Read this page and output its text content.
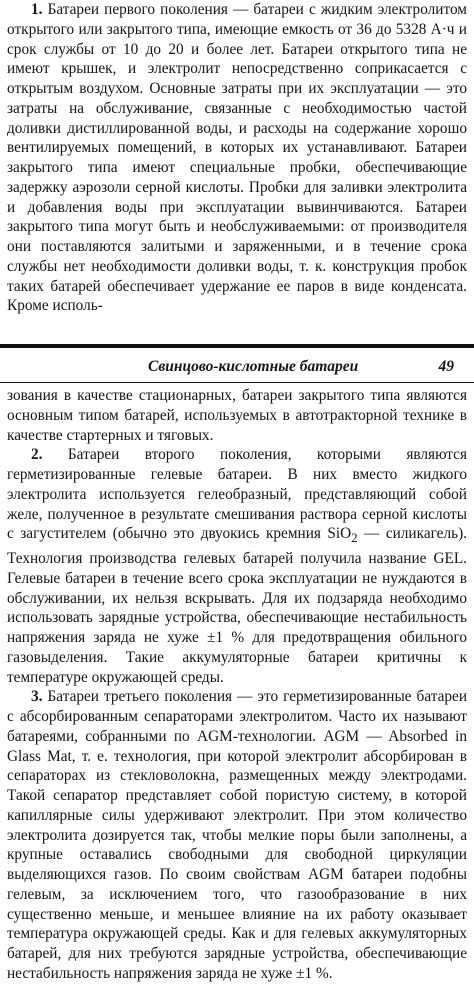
1. Батареи первого поколения — батареи с жидким электролитом открытого или закрытого типа, имеющие емкость от 36 до 5328 А·ч и срок службы от 10 до 20 и более лет. Батареи открытого типа не имеют крышек, и электролит непосредственно соприкасается с открытым воздухом. Основные затраты при их эксплуатации — это затраты на обслуживание, связанные с необходимостью частой доливки дистиллированной воды, и расходы на содержание хорошо вентилируемых помещений, в которых их устанавливают. Батареи закрытого типа имеют специальные пробки, обеспечивающие задержку аэрозоли серной кислоты. Пробки для заливки электролита и добавления воды при эксплуатации вывинчиваются. Батареи закрытого типа могут быть и необслуживаемыми: от производителя они поставляются залитыми и заряженными, и в течение срока службы нет необходимости доливки воды, т. к. конструкция пробок таких батарей обеспечивает удержание ее паров в виде конденсата. Кроме исполь-

Свинцово-кислотные батареи	49

зования в качестве стационарных, батареи закрытого типа являются основным типом батарей, используемых в автотракторной технике в качестве стартерных и тяговых.

2. Батареи второго поколения, которыми являются герметизированные гелевые батареи. В них вместо жидкого электролита используется гелеобразный, представляющий собой желе, полученное в результате смешивания раствора серной кислоты с загустителем (обычно это двуокись кремния SiO$_2$ — силикагель). Технология производства гелевых батарей получила название GEL. Гелевые батареи в течение всего срока эксплуатации не нуждаются в обслуживании, их нельзя вскрывать. Для их подзаряда необходимо использовать зарядные устройства, обеспечивающие нестабильность напряжения заряда не хуже ±1 % для предотвращения обильного газовыделения. Такие аккумуляторные батареи критичны к температуре окружающей среды.

3. Батареи третьего поколения — это герметизированные батареи с абсорбированным сепараторами электролитом. Часто их называют батареями, собранными по AGM-технологии. AGM — Absorbed in Glass Mat, т. е. технология, при которой электролит абсорбирован в сепараторах из стекловолокна, размещенных между электродами. Такой сепаратор представляет собой пористую систему, в которой капиллярные силы удерживают электролит. При этом количество электролита дозируется так, чтобы мелкие поры были заполнены, а крупные оставались свободными для свободной циркуляции выделяющихся газов. По своим свойствам AGM батареи подобны гелевым, за исключением того, что газообразование в них существенно меньше, и меньшее влияние на их работу оказывает температура окружающей среды. Как и для гелевых аккумуляторных батарей, для них требуются зарядные устройства, обеспечивающие нестабильность напряжения заряда не хуже ±1 %.
